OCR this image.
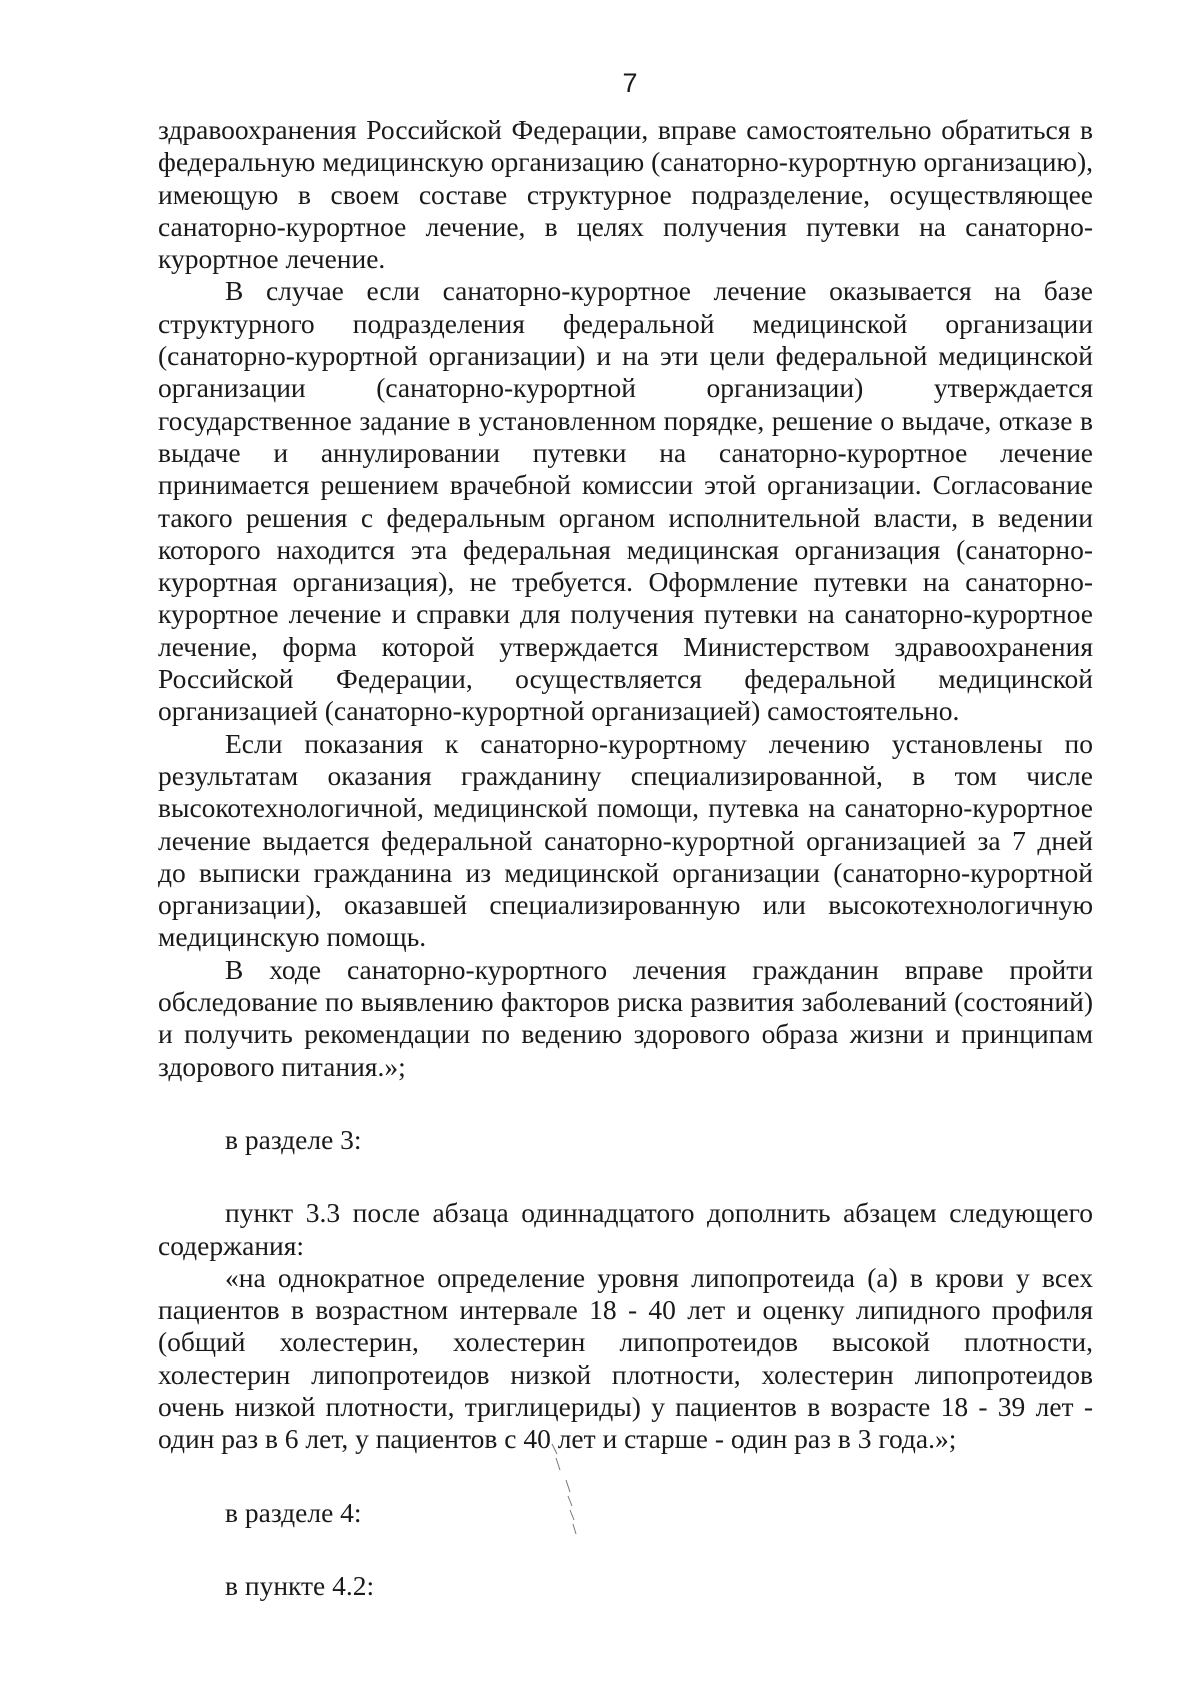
7

здравоохранения Российской Федерации, вправе самостоятельно обратиться в федеральную медицинскую организацию (санаторно-курортную организацию), имеющую в своем составе структурное подразделение, осуществляющее санаторно-курортное лечение, в целях получения путевки на санаторно-курортное лечение.

В случае если санаторно-курортное лечение оказывается на базе структурного подразделения федеральной медицинской организации (санаторно-курортной организации) и на эти цели федеральной медицинской организации (санаторно-курортной организации) утверждается государственное задание в установленном порядке, решение о выдаче, отказе в выдаче и аннулировании путевки на санаторно-курортное лечение принимается решением врачебной комиссии этой организации. Согласование такого решения с федеральным органом исполнительной власти, в ведении которого находится эта федеральная медицинская организация (санаторно-курортная организация), не требуется. Оформление путевки на санаторно-курортное лечение и справки для получения путевки на санаторно-курортное лечение, форма которой утверждается Министерством здравоохранения Российской Федерации, осуществляется федеральной медицинской организацией (санаторно-курортной организацией) самостоятельно.

Если показания к санаторно-курортному лечению установлены по результатам оказания гражданину специализированной, в том числе высокотехнологичной, медицинской помощи, путевка на санаторно-курортное лечение выдается федеральной санаторно-курортной организацией за 7 дней до выписки гражданина из медицинской организации (санаторно-курортной организации), оказавшей специализированную или высокотехнологичную медицинскую помощь.

В ходе санаторно-курортного лечения гражданин вправе пройти обследование по выявлению факторов риска развития заболеваний (состояний) и получить рекомендации по ведению здорового образа жизни и принципам здорового питания.»;

в разделе 3:

пункт 3.3 после абзаца одиннадцатого дополнить абзацем следующего содержания:

«на однократное определение уровня липопротеида (а) в крови у всех пациентов в возрастном интервале 18 - 40 лет и оценку липидного профиля (общий холестерин, холестерин липопротеидов высокой плотности, холестерин липопротеидов низкой плотности, холестерин липопротеидов очень низкой плотности, триглицериды) у пациентов в возрасте 18 - 39 лет - один раз в 6 лет, у пациентов с 40 лет и старше - один раз в 3 года.»;

в разделе 4:

в пункте 4.2:
